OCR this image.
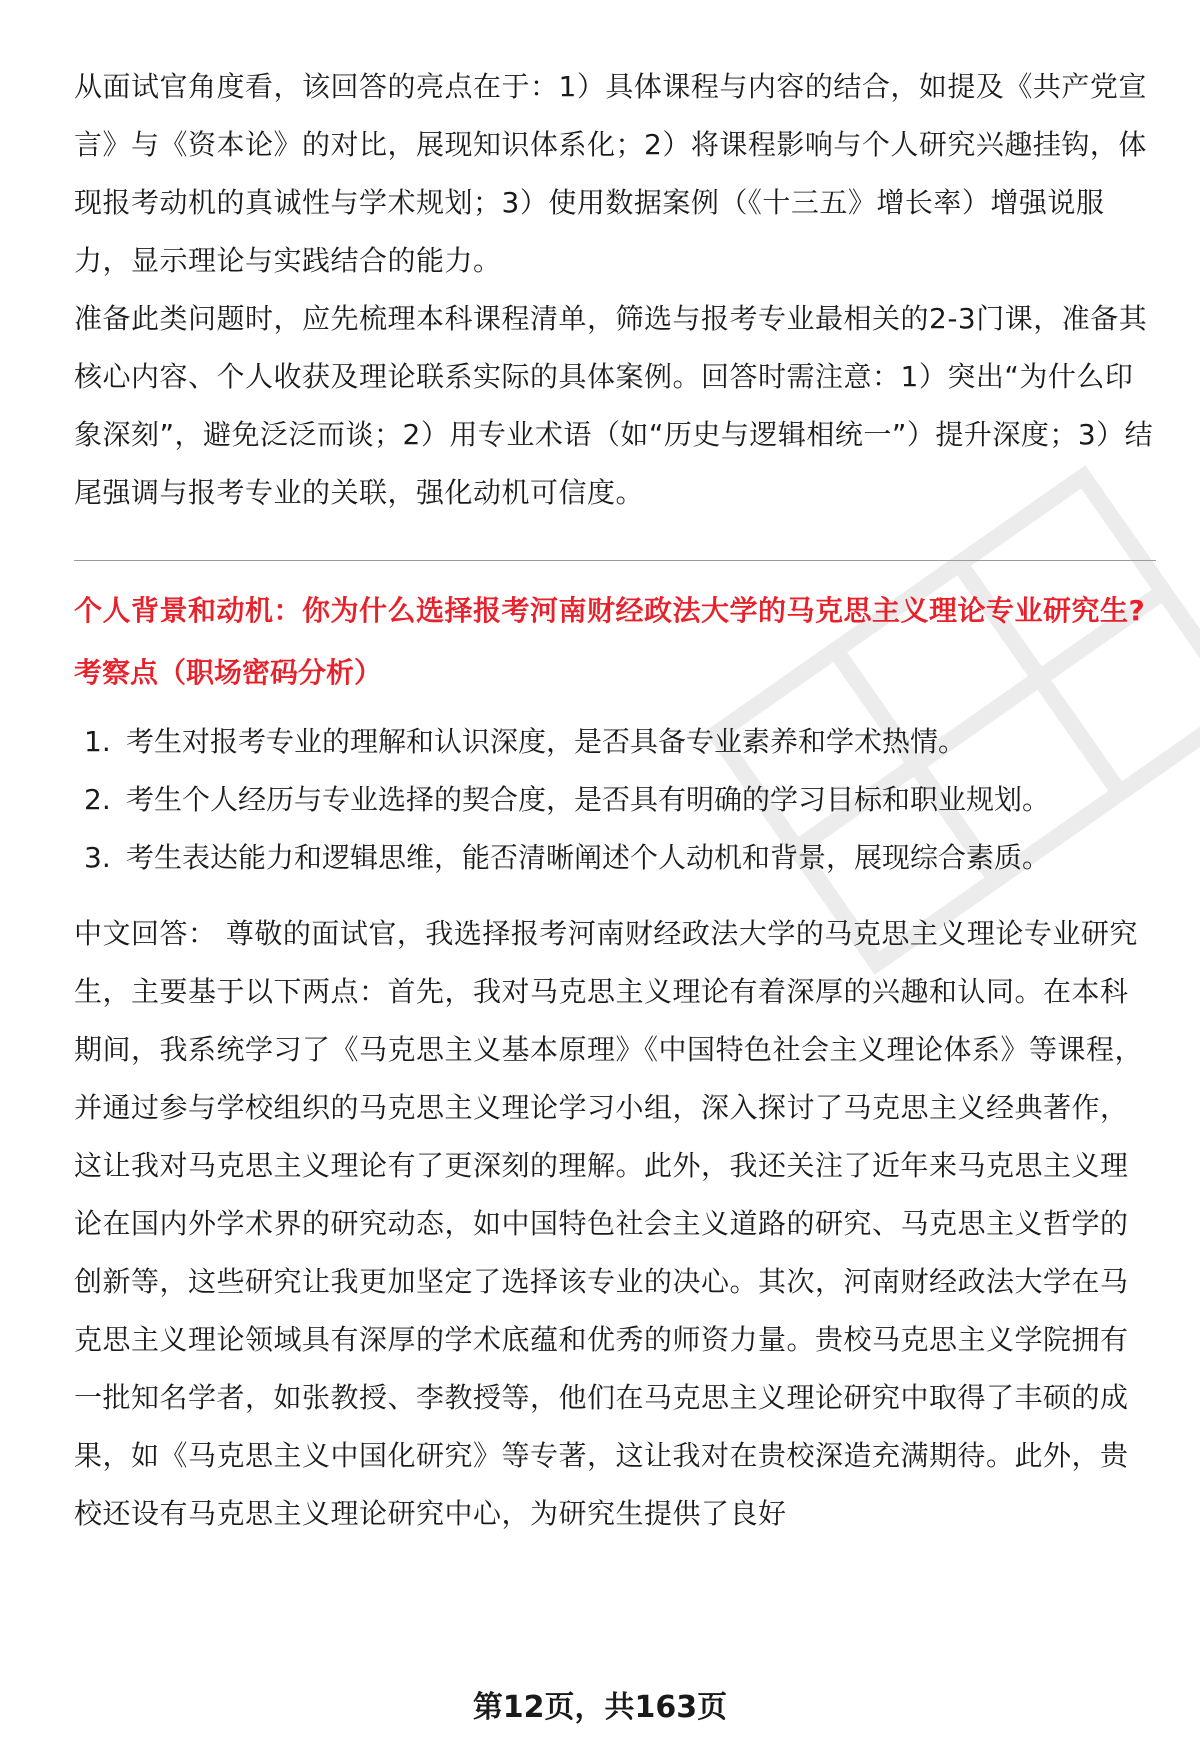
从面试官角度看，该回答的亮点在于：1）具体课程与内容的结合，如提及《共产党宣言》与《资本论》的对比，展现知识体系化；2）将课程影响与个人研究兴趣挂钩，体现报考动机的真诚性与学术规划；3）使用数据案例（《十三五》增长率）增强说服力，显示理论与实践结合的能力。

准备此类问题时，应先梳理本科课程清单，筛选与报考专业最相关的2-3门课，准备其核心内容、个人收获及理论联系实际的具体案例。回答时需注意：1）突出“为什么印象深刻”，避免泛泛而谈；2）用专业术语（如“历史与逻辑相统一”）提升深度；3）结尾强调与报考专业的关联，强化动机可信度。

个人背景和动机：你为什么选择报考河南财经政法大学的马克思主义理论专业研究生?

考察点（职场密码分析）

1. 考生对报考专业的理解和认识深度，是否具备专业素养和学术热情。
2. 考生个人经历与专业选择的契合度，是否具有明确的学习目标和职业规划。
3. 考生表达能力和逻辑思维，能否清晰阐述个人动机和背景，展现综合素质。

中文回答： 尊敬的面试官，我选择报考河南财经政法大学的马克思主义理论专业研究生，主要基于以下两点：首先，我对马克思主义理论有着深厚的兴趣和认同。在本科期间，我系统学习了《马克思主义基本原理》《中国特色社会主义理论体系》等课程，并通过参与学校组织的马克思主义理论学习小组，深入探讨了马克思主义经典著作，这让我对马克思主义理论有了更深刻的理解。此外，我还关注了近年来马克思主义理论在国内外学术界的研究动态，如中国特色社会主义道路的研究、马克思主义哲学的创新等，这些研究让我更加坚定了选择该专业的决心。其次，河南财经政法大学在马克思主义理论领域具有深厚的学术底蕴和优秀的师资力量。贵校马克思主义学院拥有一批知名学者，如张教授、李教授等，他们在马克思主义理论研究中取得了丰硕的成果，如《马克思主义中国化研究》等专著，这让我对在贵校深造充满期待。此外，贵校还设有马克思主义理论研究中心，为研究生提供了良好

第12页，共163页
